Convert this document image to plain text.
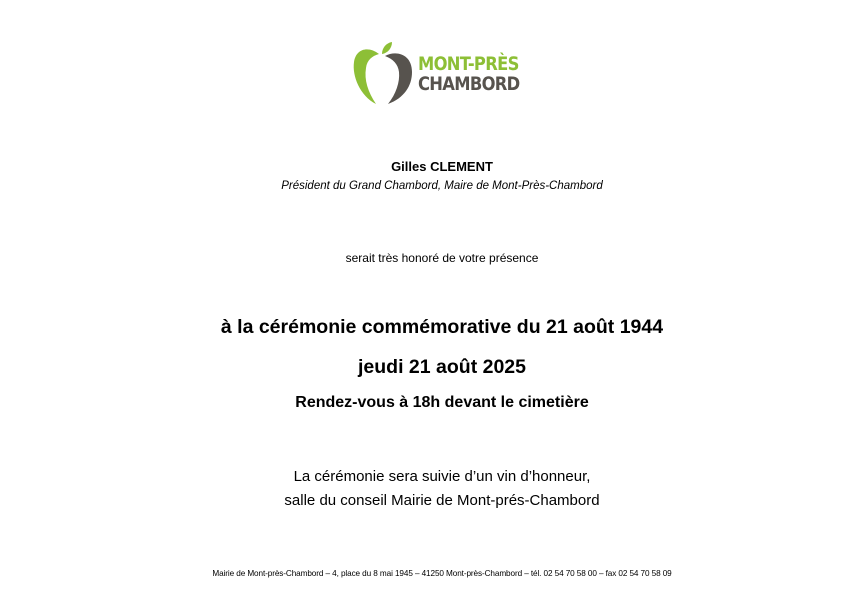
MONT-PRÈS
CHAMBORD
Gilles CLEMENT
Président du Grand Chambord, Maire de Mont-Près-Chambord
serait très honoré de votre présence
à la cérémonie commémorative du 21 août 1944
jeudi 21 août 2025
Rendez-vous à 18h devant le cimetière
La cérémonie sera suivie d’un vin d’honneur,
salle du conseil Mairie de Mont-prés-Chambord
Mairie de Mont-près-Chambord – 4, place du 8 mai 1945 – 41250 Mont-près-Chambord – tél. 02 54 70 58 00 – fax 02 54 70 58 09
